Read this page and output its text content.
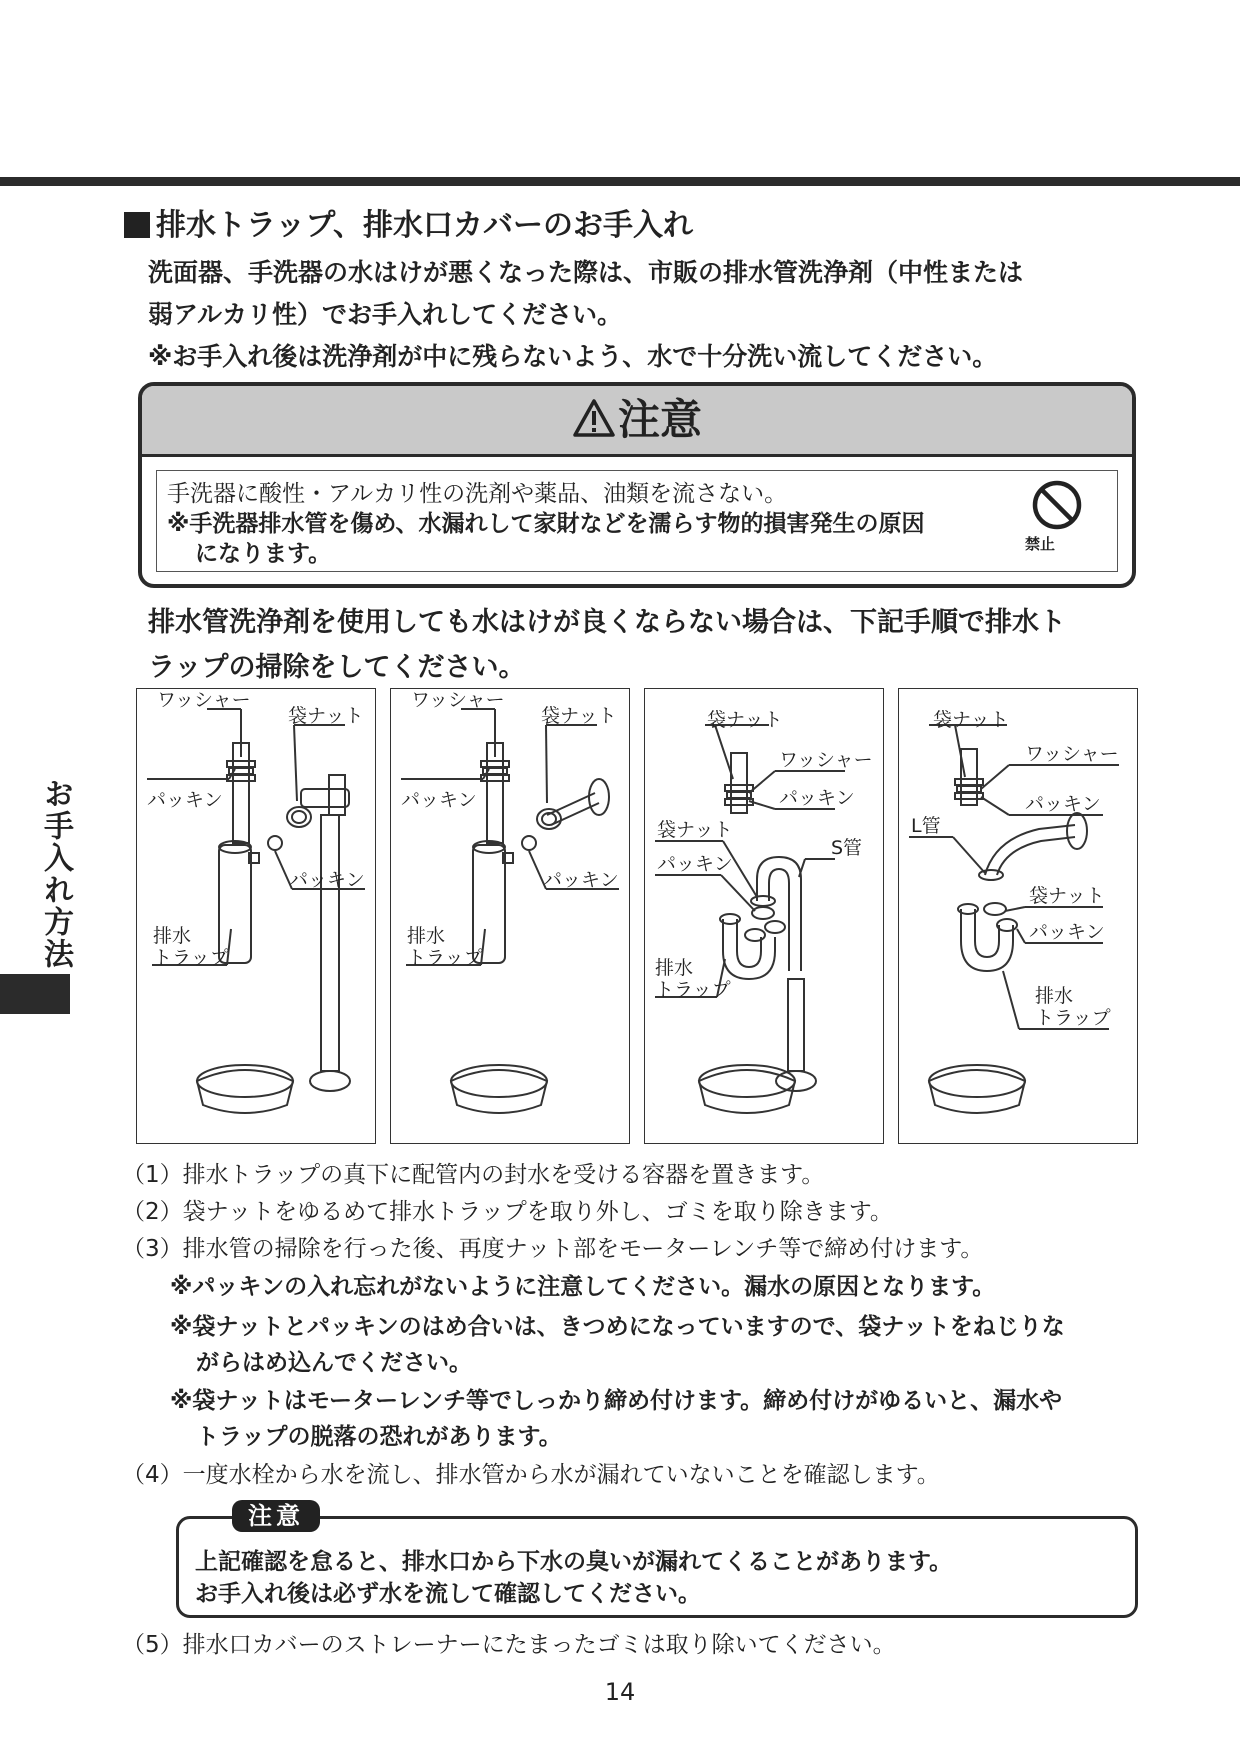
排水トラップ、排水口カバーのお手入れ

洗面器、手洗器の水はけが悪くなった際は、市販の排水管洗浄剤（中性または

弱アルカリ性）でお手入れしてください。

※お手入れ後は洗浄剤が中に残らないよう、水で十分洗い流してください。

注意
手洗器に酸性・アルカリ性の洗剤や薬品、油類を流さない。
※手洗器排水管を傷め、水漏れして家財などを濡らす物的損害発生の原因
になります。	禁止

排水管洗浄剤を使用しても水はけが良くならない場合は、下記手順で排水ト

ラップの掃除をしてください。

ワッシャー
袋ナット
パッキン
パッキン
排水
トラップ
ワッシャー
袋ナット
パッキン
パッキン
排水
トラップ
袋ナット
ワッシャー
パッキン
袋ナット
S管
パッキン
排水
トラップ
袋ナット
ワッシャー
パッキン
L管
袋ナット
パッキン
排水
トラップ
（1）排水トラップの真下に配管内の封水を受ける容器を置きます。
（2）袋ナットをゆるめて排水トラップを取り外し、ゴミを取り除きます。
（3）排水管の掃除を行った後、再度ナット部をモーターレンチ等で締め付けます。
※パッキンの入れ忘れがないように注意してください。漏水の原因となります。
※袋ナットとパッキンのはめ合いは、きつめになっていますので、袋ナットをねじりな
がらはめ込んでください。
※袋ナットはモーターレンチ等でしっかり締め付けます。締め付けがゆるいと、漏水や
トラップの脱落の恐れがあります。
（4）一度水栓から水を流し、排水管から水が漏れていないことを確認します。
（5）排水口カバーのストレーナーにたまったゴミは取り除いてください。

上記確認を怠ると、排水口から下水の臭いが漏れてくることがあります。

お手入れ後は必ず水を流して確認してください。

注意
お手入れ方法
14
